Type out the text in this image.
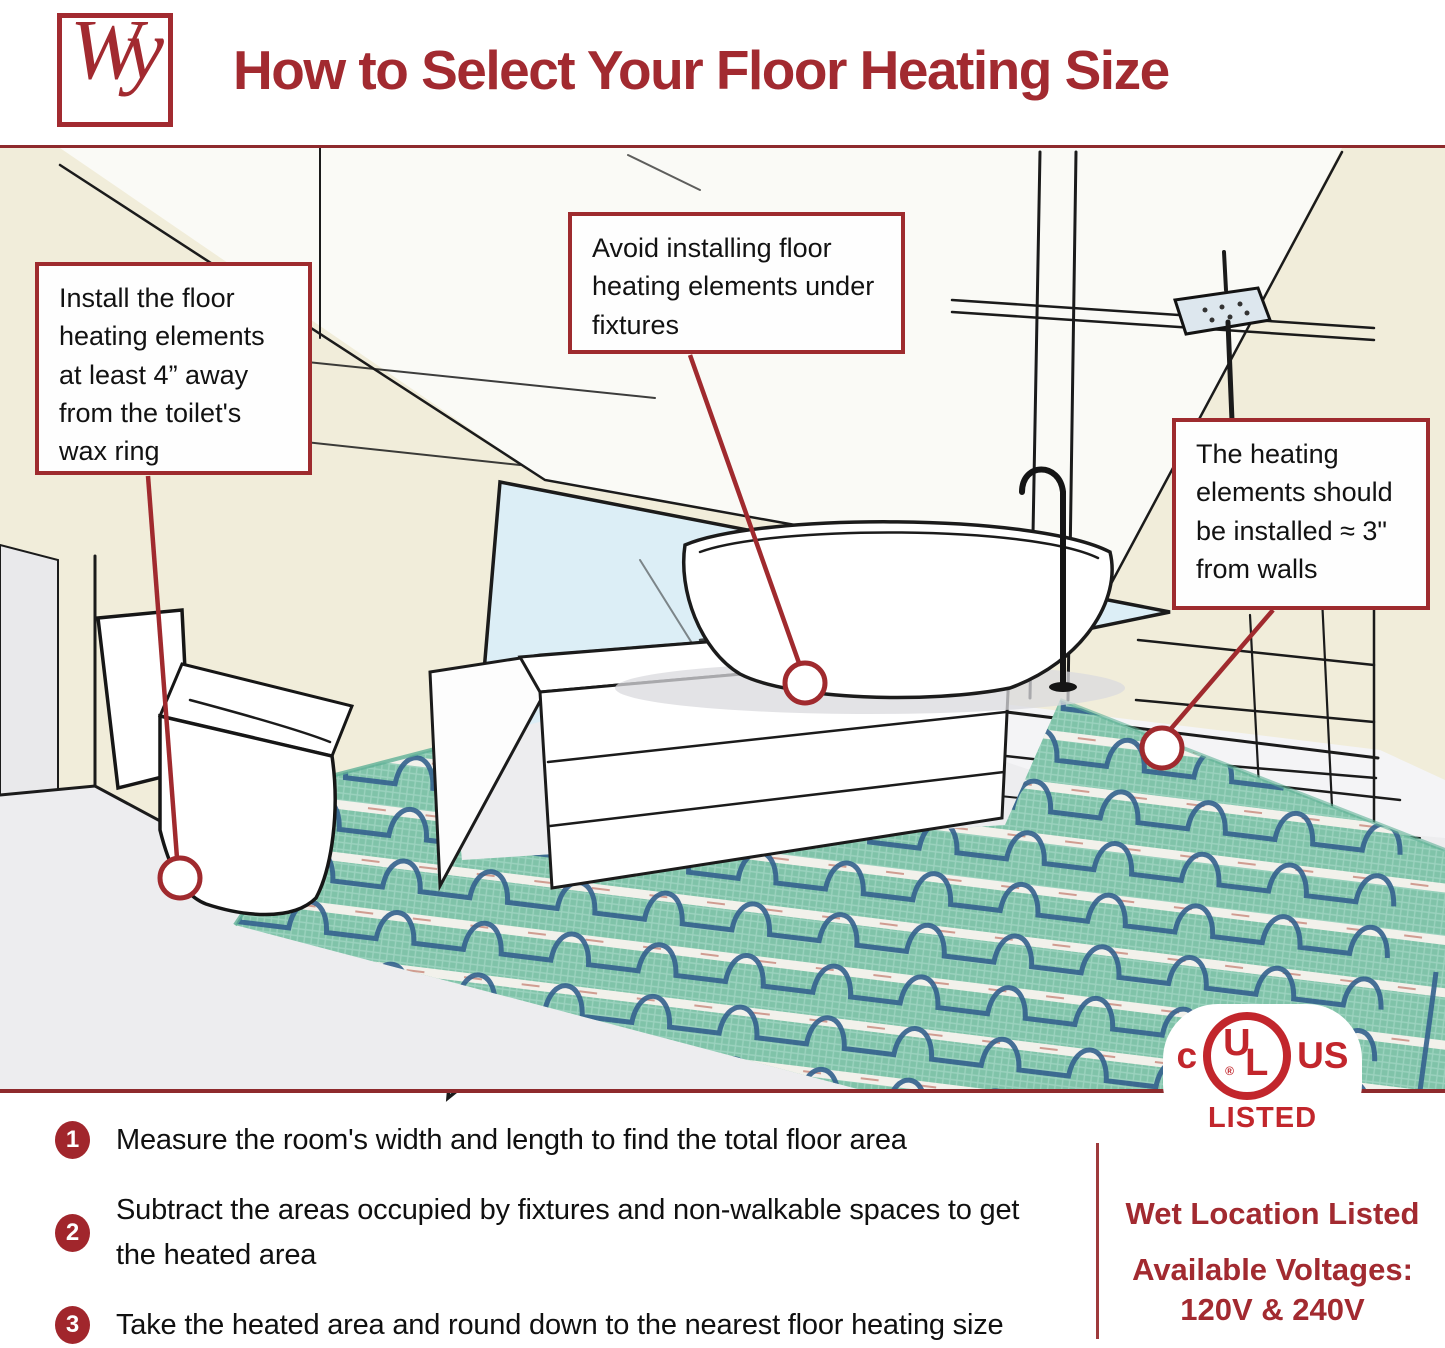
Wy How to Select Your Floor Heating Size
Install the floor heating elements at least 4” away from the toilet's wax ring
Avoid installing floor heating elements under fixtures
The heating elements should be installed ≈ 3" from walls
c U
L
® US
LISTED
1	Measure the room's width and length to find the total floor area
2
Subtract the areas occupied by fixtures and non-walkable spaces to get the heated area
3	Take the heated area and round down to the nearest floor heating size

Wet Location Listed

Available Voltages:

120V & 240V
